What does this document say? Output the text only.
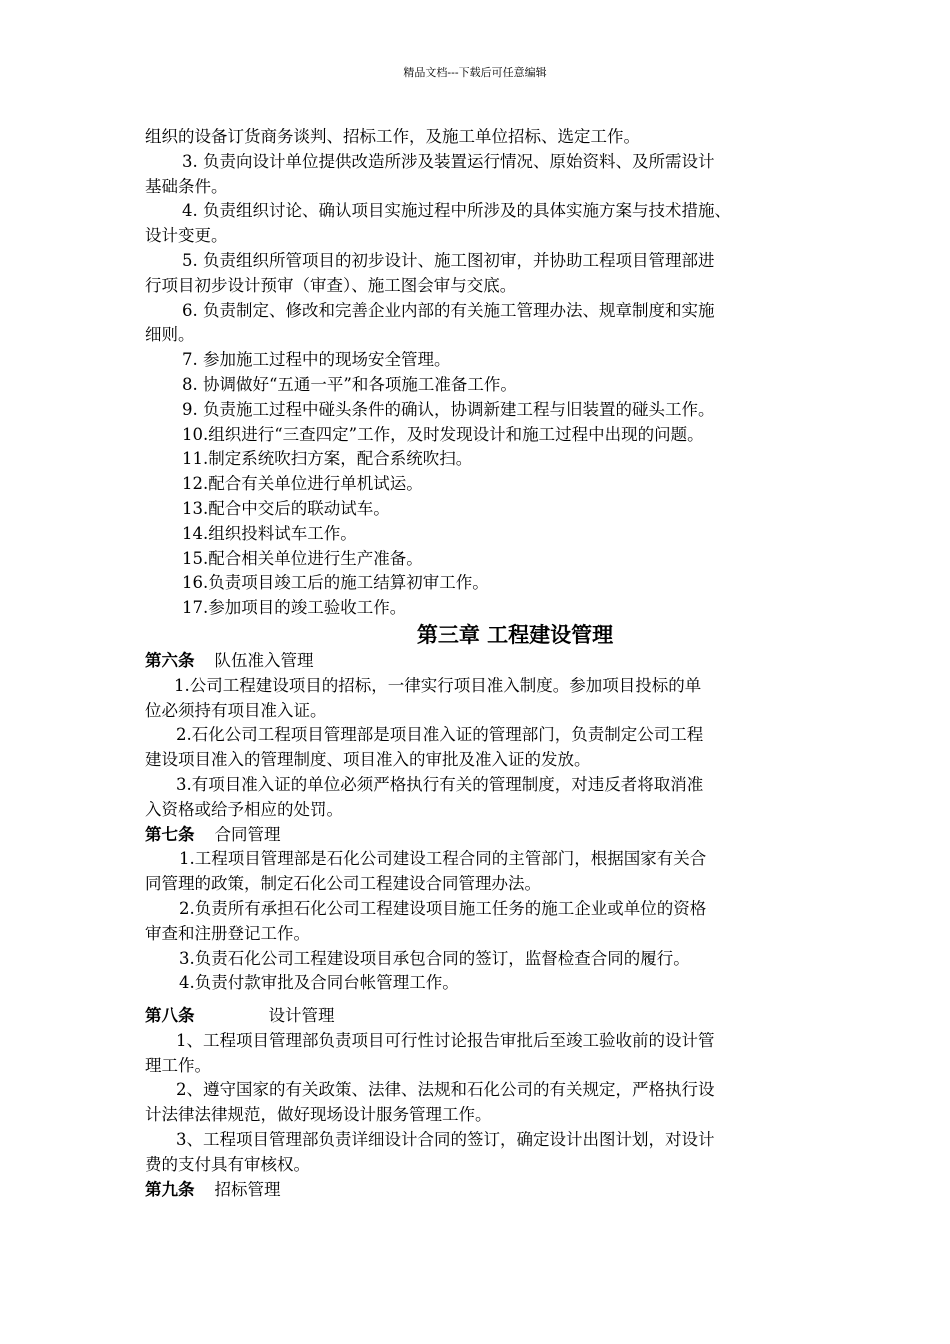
精品文档---下载后可任意编辑

组织的设备订货商务谈判、招标工作，及施工单位招标、选定工作。

3. 负责向设计单位提供改造所涉及装置运行情况、原始资料、及所需设计

基础条件。

4. 负责组织讨论、确认项目实施过程中所涉及的具体实施方案与技术措施、

设计变更。

5. 负责组织所管项目的初步设计、施工图初审，并协助工程项目管理部进

行项目初步设计预审（审查）、施工图会审与交底。

6. 负责制定、修改和完善企业内部的有关施工管理办法、规章制度和实施

细则。

7. 参加施工过程中的现场安全管理。

8. 协调做好“五通一平”和各项施工准备工作。

9. 负责施工过程中碰头条件的确认，协调新建工程与旧装置的碰头工作。

10.组织进行“三查四定”工作，及时发现设计和施工过程中出现的问题。

11.制定系统吹扫方案，配合系统吹扫。

12.配合有关单位进行单机试运。

13.配合中交后的联动试车。

14.组织投料试车工作。

15.配合相关单位进行生产准备。

16.负责项目竣工后的施工结算初审工作。

17.参加项目的竣工验收工作。

第三章 工程建设管理

第六条 队伍准入管理

1.公司工程建设项目的招标，一律实行项目准入制度。参加项目投标的单

位必须持有项目准入证。

2.石化公司工程项目管理部是项目准入证的管理部门，负责制定公司工程

建设项目准入的管理制度、项目准入的审批及准入证的发放。

3.有项目准入证的单位必须严格执行有关的管理制度，对违反者将取消准

入资格或给予相应的处罚。

第七条 合同管理

1.工程项目管理部是石化公司建设工程合同的主管部门，根据国家有关合

同管理的政策，制定石化公司工程建设合同管理办法。

2.负责所有承担石化公司工程建设项目施工任务的施工企业或单位的资格

审查和注册登记工作。

3.负责石化公司工程建设项目承包合同的签订，监督检查合同的履行。

4.负责付款审批及合同台帐管理工作。

第八条	设计管理

1、工程项目管理部负责项目可行性讨论报告审批后至竣工验收前的设计管

理工作。

2、遵守国家的有关政策、法律、法规和石化公司的有关规定，严格执行设

计法律法律规范，做好现场设计服务管理工作。

3、工程项目管理部负责详细设计合同的签订，确定设计出图计划，对设计

费的支付具有审核权。

第九条 招标管理
